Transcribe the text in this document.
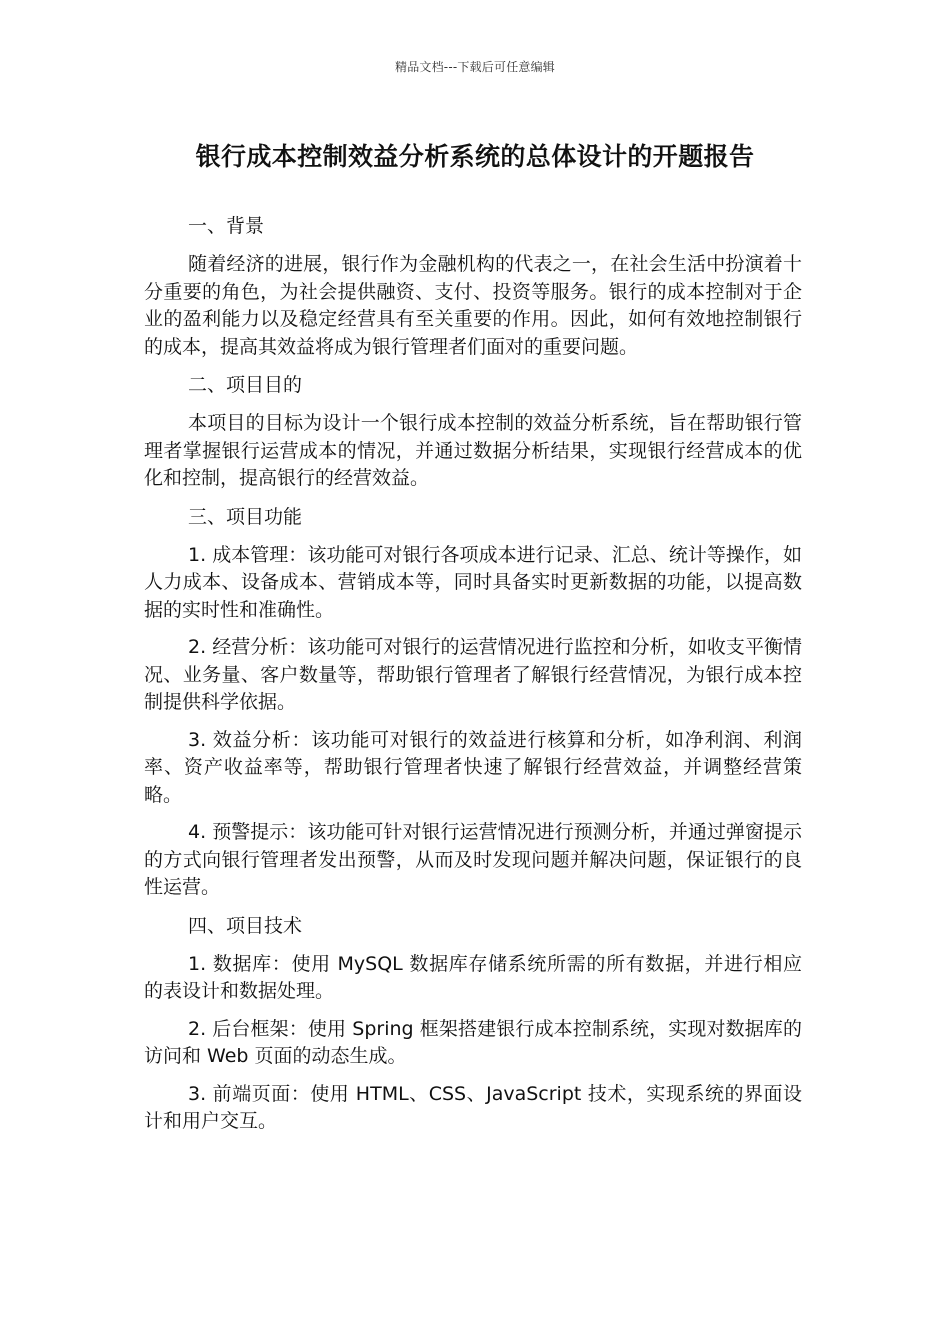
精品文档---下载后可任意编辑
银行成本控制效益分析系统的总体设计的开题报告

一、背景

随着经济的进展，银行作为金融机构的代表之一，在社会生活中扮演着十分重要的角色，为社会提供融资、支付、投资等服务。银行的成本控制对于企业的盈利能力以及稳定经营具有至关重要的作用。因此，如何有效地控制银行的成本，提高其效益将成为银行管理者们面对的重要问题。

二、项目目的

本项目的目标为设计一个银行成本控制的效益分析系统，旨在帮助银行管理者掌握银行运营成本的情况，并通过数据分析结果，实现银行经营成本的优化和控制，提高银行的经营效益。

三、项目功能

1. 成本管理：该功能可对银行各项成本进行记录、汇总、统计等操作，如人力成本、设备成本、营销成本等，同时具备实时更新数据的功能，以提高数据的实时性和准确性。

2. 经营分析：该功能可对银行的运营情况进行监控和分析，如收支平衡情况、业务量、客户数量等，帮助银行管理者了解银行经营情况，为银行成本控制提供科学依据。

3. 效益分析：该功能可对银行的效益进行核算和分析，如净利润、利润率、资产收益率等，帮助银行管理者快速了解银行经营效益，并调整经营策略。

4. 预警提示：该功能可针对银行运营情况进行预测分析，并通过弹窗提示的方式向银行管理者发出预警，从而及时发现问题并解决问题，保证银行的良性运营。

四、项目技术

1. 数据库：使用 MySQL 数据库存储系统所需的所有数据，并进行相应的表设计和数据处理。

2. 后台框架：使用 Spring 框架搭建银行成本控制系统，实现对数据库的访问和 Web 页面的动态生成。

3. 前端页面：使用 HTML、CSS、JavaScript 技术，实现系统的界面设计和用户交互。
